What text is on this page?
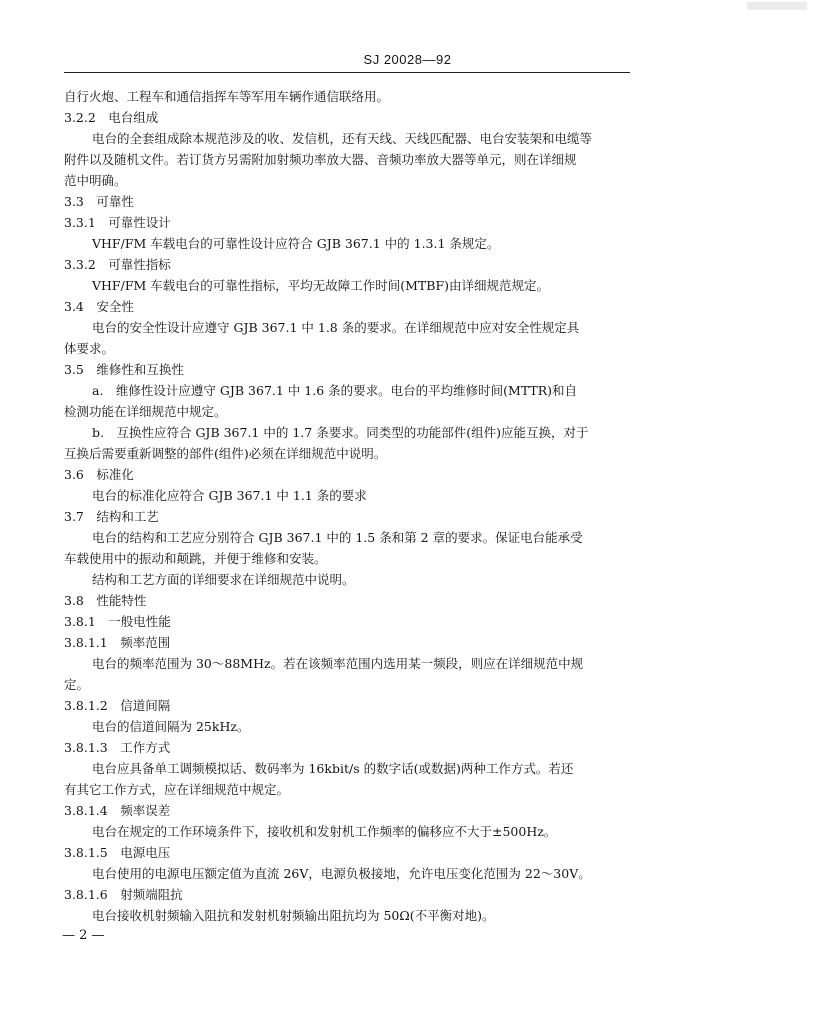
SJ 20028—92
自行火炮、工程车和通信指挥车等军用车辆作通信联络用。
3.2.2　电台组成
电台的全套组成除本规范涉及的收、发信机，还有天线、天线匹配器、电台安装架和电缆等
附件以及随机文件。若订货方另需附加射频功率放大器、音频功率放大器等单元，则在详细规
范中明确。
3.3　可靠性
3.3.1　可靠性设计
VHF/FM 车载电台的可靠性设计应符合 GJB 367.1 中的 1.3.1 条规定。
3.3.2　可靠性指标
VHF/FM 车载电台的可靠性指标，平均无故障工作时间(MTBF)由详细规范规定。
3.4　安全性
电台的安全性设计应遵守 GJB 367.1 中 1.8 条的要求。在详细规范中应对安全性规定具
体要求。
3.5　维修性和互换性
a.　维修性设计应遵守 GJB 367.1 中 1.6 条的要求。电台的平均维修时间(MTTR)和自
检测功能在详细规范中规定。
b.　互换性应符合 GJB 367.1 中的 1.7 条要求。同类型的功能部件(组件)应能互换，对于
互换后需要重新调整的部件(组件)必须在详细规范中说明。
3.6　标准化
电台的标准化应符合 GJB 367.1 中 1.1 条的要求
3.7　结构和工艺
电台的结构和工艺应分别符合 GJB 367.1 中的 1.5 条和第 2 章的要求。保证电台能承受
车载使用中的振动和颠跳，并便于维修和安装。
结构和工艺方面的详细要求在详细规范中说明。
3.8　性能特性
3.8.1　一般电性能
3.8.1.1　频率范围
电台的频率范围为 30～88MHz。若在该频率范围内选用某一频段，则应在详细规范中规
定。
3.8.1.2　信道间隔
电台的信道间隔为 25kHz。
3.8.1.3　工作方式
电台应具备单工调频模拟话、数码率为 16kbit/s 的数字话(或数据)两种工作方式。若还
有其它工作方式，应在详细规范中规定。
3.8.1.4　频率误差
电台在规定的工作环境条件下，接收机和发射机工作频率的偏移应不大于±500Hz。
3.8.1.5　电源电压
电台使用的电源电压额定值为直流 26V，电源负极接地，允许电压变化范围为 22～30V。
3.8.1.6　射频端阻抗
电台接收机射频输入阻抗和发射机射频输出阻抗均为 50Ω(不平衡对地)。
— 2 —
